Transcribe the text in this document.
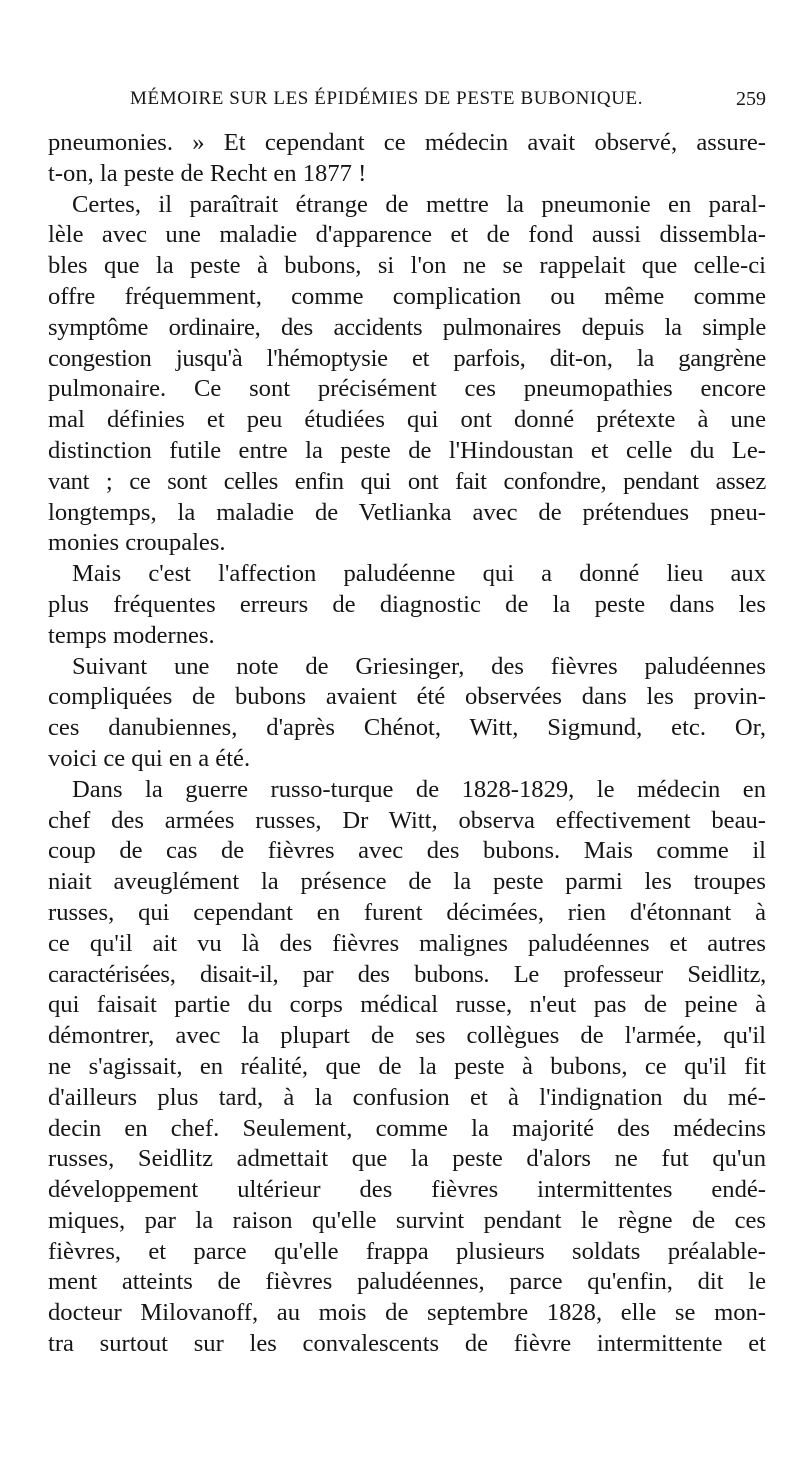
MÉMOIRE SUR LES ÉPIDÉMIES DE PESTE BUBONIQUE.	259
pneumonies. » Et cependant ce médecin avait observé, assure-
t-on, la peste de Recht en 1877 !
Certes, il paraîtrait étrange de mettre la pneumonie en paral-
lèle avec une maladie d'apparence et de fond aussi dissembla-
bles que la peste à bubons, si l'on ne se rappelait que celle-ci
offre fréquemment, comme complication ou même comme
symptôme ordinaire, des accidents pulmonaires depuis la simple
congestion jusqu'à l'hémoptysie et parfois, dit-on, la gangrène
pulmonaire. Ce sont précisément ces pneumopathies encore
mal définies et peu étudiées qui ont donné prétexte à une
distinction futile entre la peste de l'Hindoustan et celle du Le-
vant ; ce sont celles enfin qui ont fait confondre, pendant assez
longtemps, la maladie de Vetlianka avec de prétendues pneu-
monies croupales.
Mais c'est l'affection paludéenne qui a donné lieu aux
plus fréquentes erreurs de diagnostic de la peste dans les
temps modernes.
Suivant une note de Griesinger, des fièvres paludéennes
compliquées de bubons avaient été observées dans les provin-
ces danubiennes, d'après Chénot, Witt, Sigmund, etc. Or,
voici ce qui en a été.
Dans la guerre russo-turque de 1828-1829, le médecin en
chef des armées russes, Dr Witt, observa effectivement beau-
coup de cas de fièvres avec des bubons. Mais comme il
niait aveuglément la présence de la peste parmi les troupes
russes, qui cependant en furent décimées, rien d'étonnant à
ce qu'il ait vu là des fièvres malignes paludéennes et autres
caractérisées, disait-il, par des bubons. Le professeur Seidlitz,
qui faisait partie du corps médical russe, n'eut pas de peine à
démontrer, avec la plupart de ses collègues de l'armée, qu'il
ne s'agissait, en réalité, que de la peste à bubons, ce qu'il fit
d'ailleurs plus tard, à la confusion et à l'indignation du mé-
decin en chef. Seulement, comme la majorité des médecins
russes, Seidlitz admettait que la peste d'alors ne fut qu'un
développement ultérieur des fièvres intermittentes endé-
miques, par la raison qu'elle survint pendant le règne de ces
fièvres, et parce qu'elle frappa plusieurs soldats préalable-
ment atteints de fièvres paludéennes, parce qu'enfin, dit le
docteur Milovanoff, au mois de septembre 1828, elle se mon-
tra surtout sur les convalescents de fièvre intermittente et
